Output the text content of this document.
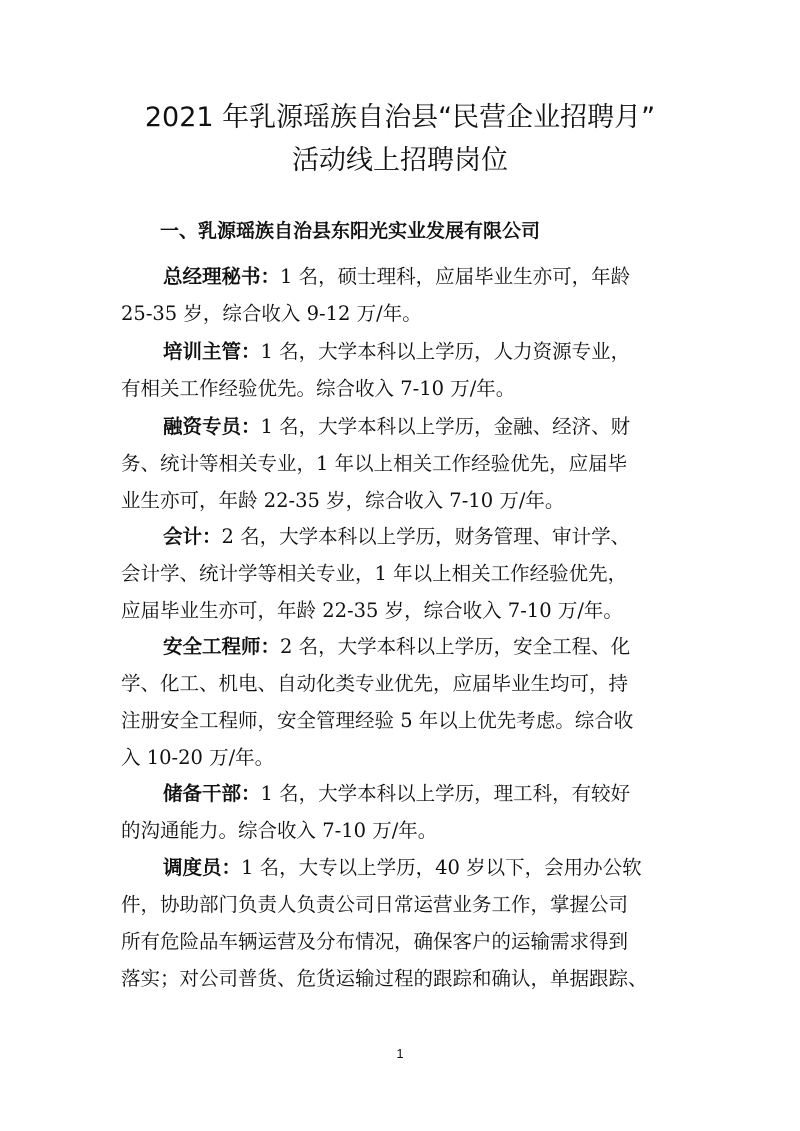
2021 年乳源瑶族自治县“民营企业招聘月”
活动线上招聘岗位
一、乳源瑶族自治县东阳光实业发展有限公司
总经理秘书：1 名，硕士理科，应届毕业生亦可，年龄
25-35 岁，综合收入 9-12 万/年。
培训主管：1 名，大学本科以上学历，人力资源专业，
有相关工作经验优先。综合收入 7-10 万/年。
融资专员：1 名，大学本科以上学历，金融、经济、财
务、统计等相关专业，1 年以上相关工作经验优先，应届毕
业生亦可，年龄 22-35 岁，综合收入 7-10 万/年。
会计：2 名，大学本科以上学历，财务管理、审计学、
会计学、统计学等相关专业，1 年以上相关工作经验优先，
应届毕业生亦可，年龄 22-35 岁，综合收入 7-10 万/年。
安全工程师：2 名，大学本科以上学历，安全工程、化
学、化工、机电、自动化类专业优先，应届毕业生均可，持
注册安全工程师，安全管理经验 5 年以上优先考虑。综合收
入 10-20 万/年。
储备干部：1 名，大学本科以上学历，理工科，有较好
的沟通能力。综合收入 7-10 万/年。
调度员：1 名，大专以上学历，40 岁以下，会用办公软
件，协助部门负责人负责公司日常运营业务工作，掌握公司
所有危险品车辆运营及分布情况，确保客户的运输需求得到
落实；对公司普货、危货运输过程的跟踪和确认，单据跟踪、
1
